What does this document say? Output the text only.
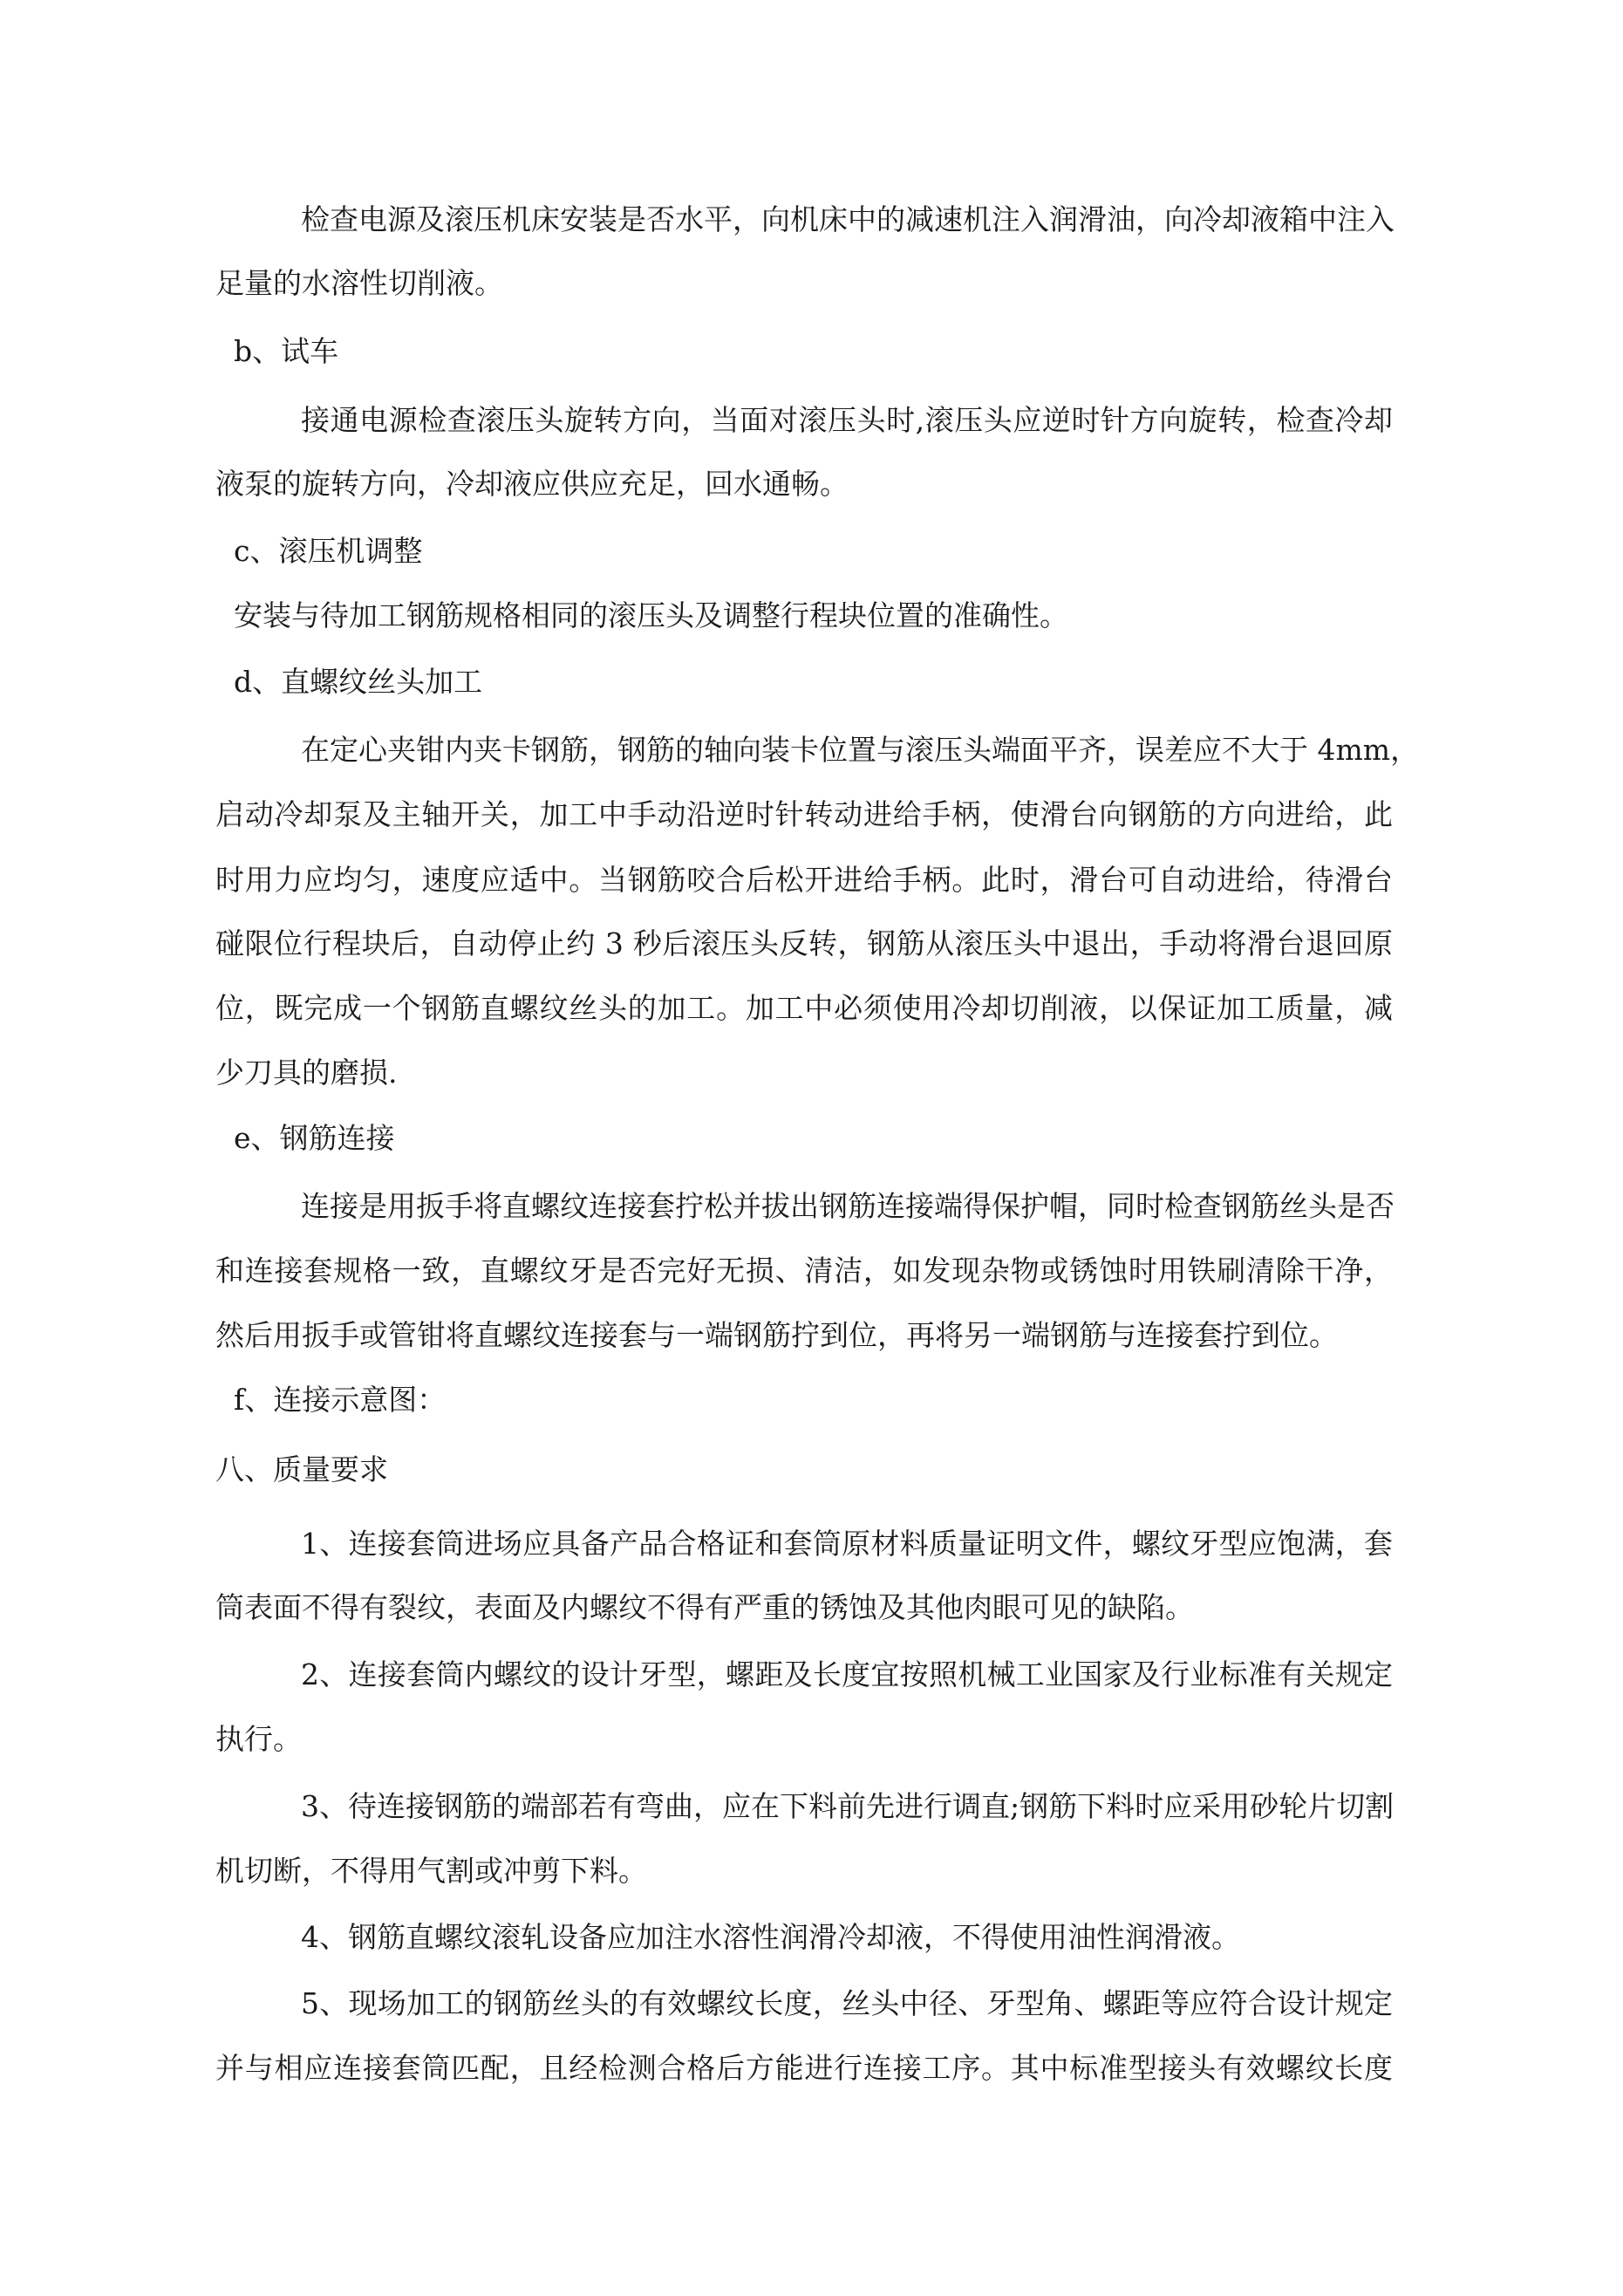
检查电源及滚压机床安装是否水平，向机床中的减速机注入润滑油，向冷却液箱中注入
足量的水溶性切削液。
b、试车
接通电源检查滚压头旋转方向，当面对滚压头时,滚压头应逆时针方向旋转，检查冷却
液泵的旋转方向，冷却液应供应充足，回水通畅。
c、滚压机调整
安装与待加工钢筋规格相同的滚压头及调整行程块位置的准确性。
d、直螺纹丝头加工
在定心夹钳内夹卡钢筋，钢筋的轴向装卡位置与滚压头端面平齐，误差应不大于 4mm，
启动冷却泵及主轴开关，加工中手动沿逆时针转动进给手柄，使滑台向钢筋的方向进给，此
时用力应均匀，速度应适中。当钢筋咬合后松开进给手柄。此时，滑台可自动进给，待滑台
碰限位行程块后，自动停止约 3 秒后滚压头反转，钢筋从滚压头中退出，手动将滑台退回原
位，既完成一个钢筋直螺纹丝头的加工。加工中必须使用冷却切削液，以保证加工质量，减
少刀具的磨损.
e、钢筋连接
连接是用扳手将直螺纹连接套拧松并拔出钢筋连接端得保护帽，同时检查钢筋丝头是否
和连接套规格一致，直螺纹牙是否完好无损、清洁，如发现杂物或锈蚀时用铁刷清除干净，
然后用扳手或管钳将直螺纹连接套与一端钢筋拧到位，再将另一端钢筋与连接套拧到位。
f、连接示意图：
八、质量要求
1、连接套筒进场应具备产品合格证和套筒原材料质量证明文件，螺纹牙型应饱满，套
筒表面不得有裂纹，表面及内螺纹不得有严重的锈蚀及其他肉眼可见的缺陷。
2、连接套筒内螺纹的设计牙型，螺距及长度宜按照机械工业国家及行业标准有关规定
执行。
3、待连接钢筋的端部若有弯曲，应在下料前先进行调直;钢筋下料时应采用砂轮片切割
机切断，不得用气割或冲剪下料。
4、钢筋直螺纹滚轧设备应加注水溶性润滑冷却液，不得使用油性润滑液。
5、现场加工的钢筋丝头的有效螺纹长度，丝头中径、牙型角、螺距等应符合设计规定
并与相应连接套筒匹配，且经检测合格后方能进行连接工序。其中标准型接头有效螺纹长度
